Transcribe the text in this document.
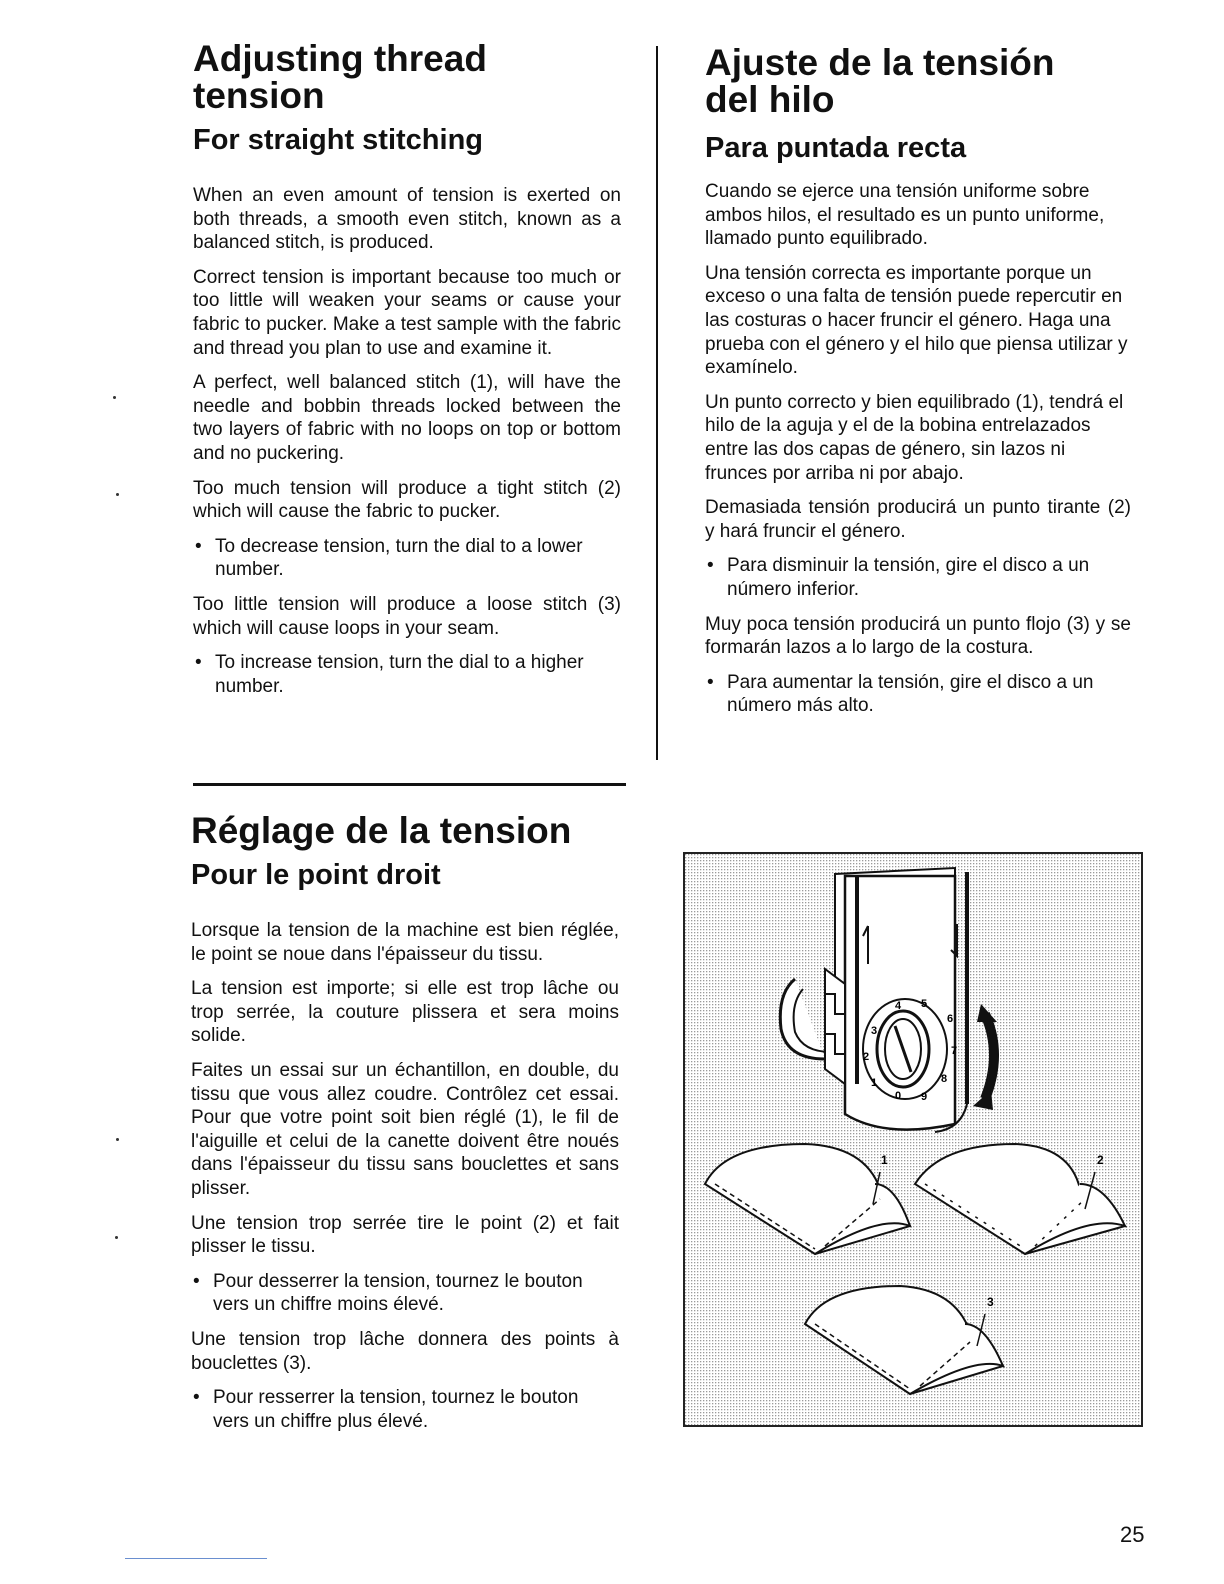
Adjusting thread tension
For straight stitching

When an even amount of tension is exerted on both threads, a smooth even stitch, known as a balanced stitch, is produced.

Correct tension is important because too much or too little will weaken your seams or cause your fabric to pucker. Make a test sample with the fabric and thread you plan to use and examine it.

A perfect, well balanced stitch (1), will have the needle and bobbin threads locked between the two layers of fabric with no loops on top or bottom and no puckering.

Too much tension will produce a tight stitch (2) which will cause the fabric to pucker.

• To decrease tension, turn the dial to a lower number.

Too little tension will produce a loose stitch (3) which will cause loops in your seam.

• To increase tension, turn the dial to a higher number.
Ajuste de la tensión
del hilo
Para puntada recta

Cuando se ejerce una tensión uniforme sobre ambos hilos, el resultado es un punto uniforme, llamado punto equilibrado.

Una tensión correcta es importante porque un exceso o una falta de tensión puede repercutir en las costuras o hacer fruncir el género. Haga una prueba con el género y el hilo que piensa utilizar y examínelo.

Un punto correcto y bien equilibrado (1), tendrá el hilo de la aguja y el de la bobina entrelazados entre las dos capas de género, sin lazos ni frunces por arriba ni por abajo.

Demasiada tensión producirá un punto tirante (2) y hará fruncir el género.

• Para disminuir la tensión, gire el disco a un número inferior.

Muy poca tensión producirá un punto flojo (3) y se formarán lazos a lo largo de la costura.

• Para aumentar la tensión, gire el disco a un número más alto.
Réglage de la tension
Pour le point droit

Lorsque la tension de la machine est bien réglée, le point se noue dans l'épaisseur du tissu.

La tension est importe; si elle est trop lâche ou trop serrée, la couture plissera et sera moins solide.

Faites un essai sur un échantillon, en double, du tissu que vous allez coudre. Contrôlez cet essai. Pour que votre point soit bien réglé (1), le fil de l'aiguille et celui de la canette doivent être noués dans l'épaisseur du tissu sans bouclettes et sans plisser.

Une tension trop serrée tire le point (2) et fait plisser le tissu.

• Pour desserrer la tension, tournez le bouton vers un chiffre moins élevé.

Une tension trop lâche donnera des points à bouclettes (3).

• Pour resserrer la tension, tournez le bouton vers un chiffre plus élevé.
0
1
2
3
4 5
6
7
8
9
1	2
3
25
